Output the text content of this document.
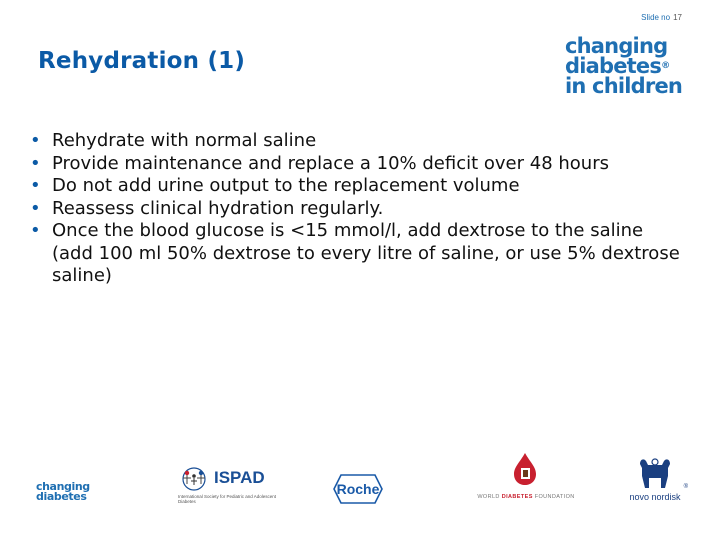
Slide no 17
Rehydration (1)
changing
diabetes®
in children
• Rehydrate with normal saline
• Provide maintenance and replace a 10% deficit over 48 hours
• Do not add urine output to the replacement volume
• Reassess clinical hydration regularly.
• Once the blood glucose is <15 mmol/l, add dextrose to the saline (add 100 ml 50% dextrose to every litre of saline, or use 5% dextrose saline)
changing
diabetes
ISPAD
International Society for Pediatric and Adolescent Diabetes
Roche	WORLD DIABETES FOUNDATION	novo nordisk
®
